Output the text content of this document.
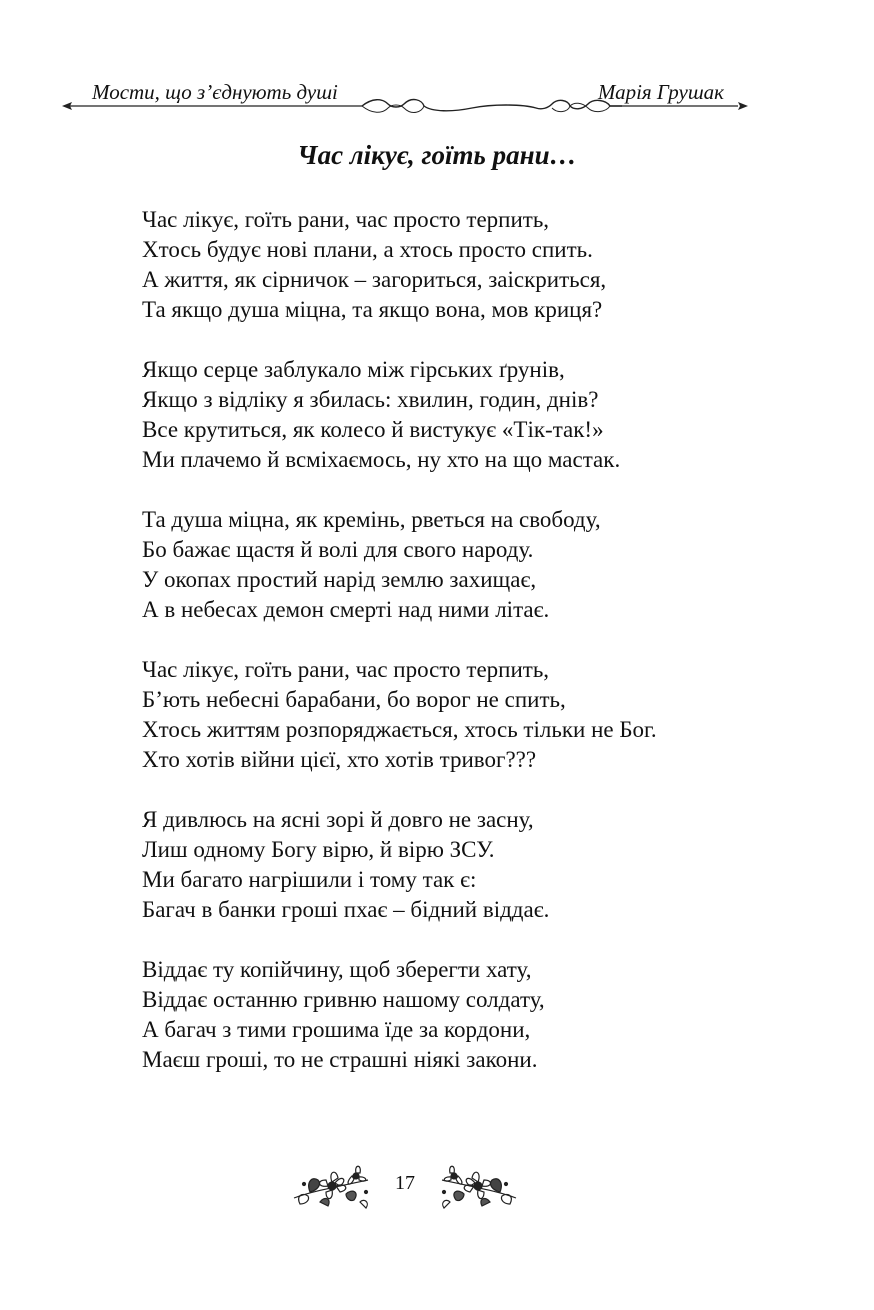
Мости, що з’єднують душі	Марія Грушак
Час лікує, гоїть рани…
Час лікує, гоїть рани, час просто терпить,
Хтось будує нові плани, а хтось просто спить.
А життя, як сірничок – загориться, заіскриться,
Та якщо душа міцна, та якщо вона, мов криця?
Якщо серце заблукало між гірських ґрунів,
Якщо з відліку я збилась: хвилин, годин, днів?
Все крутиться, як колесо й вистукує «Тік-так!»
Ми плачемо й всміхаємось, ну хто на що мастак.
Та душа міцна, як кремінь, рветься на свободу,
Бо бажає щастя й волі для свого народу.
У окопах простий нарід землю захищає,
А в небесах демон смерті над ними літає.
Час лікує, гоїть рани, час просто терпить,
Б’ють небесні барабани, бо ворог не спить,
Хтось життям розпоряджається, хтось тільки не Бог.
Хто хотів війни цієї, хто хотів тривог???
Я дивлюсь на ясні зорі й довго не засну,
Лиш одному Богу вірю, й вірю ЗСУ.
Ми багато нагрішили і тому так є:
Багач в банки гроші пхає – бідний віддає.
Віддає ту копійчину, щоб зберегти хату,
Віддає останню гривню нашому солдату,
А багач з тими грошима їде за кордони,
Маєш гроші, то не страшні ніякі закони.
17
